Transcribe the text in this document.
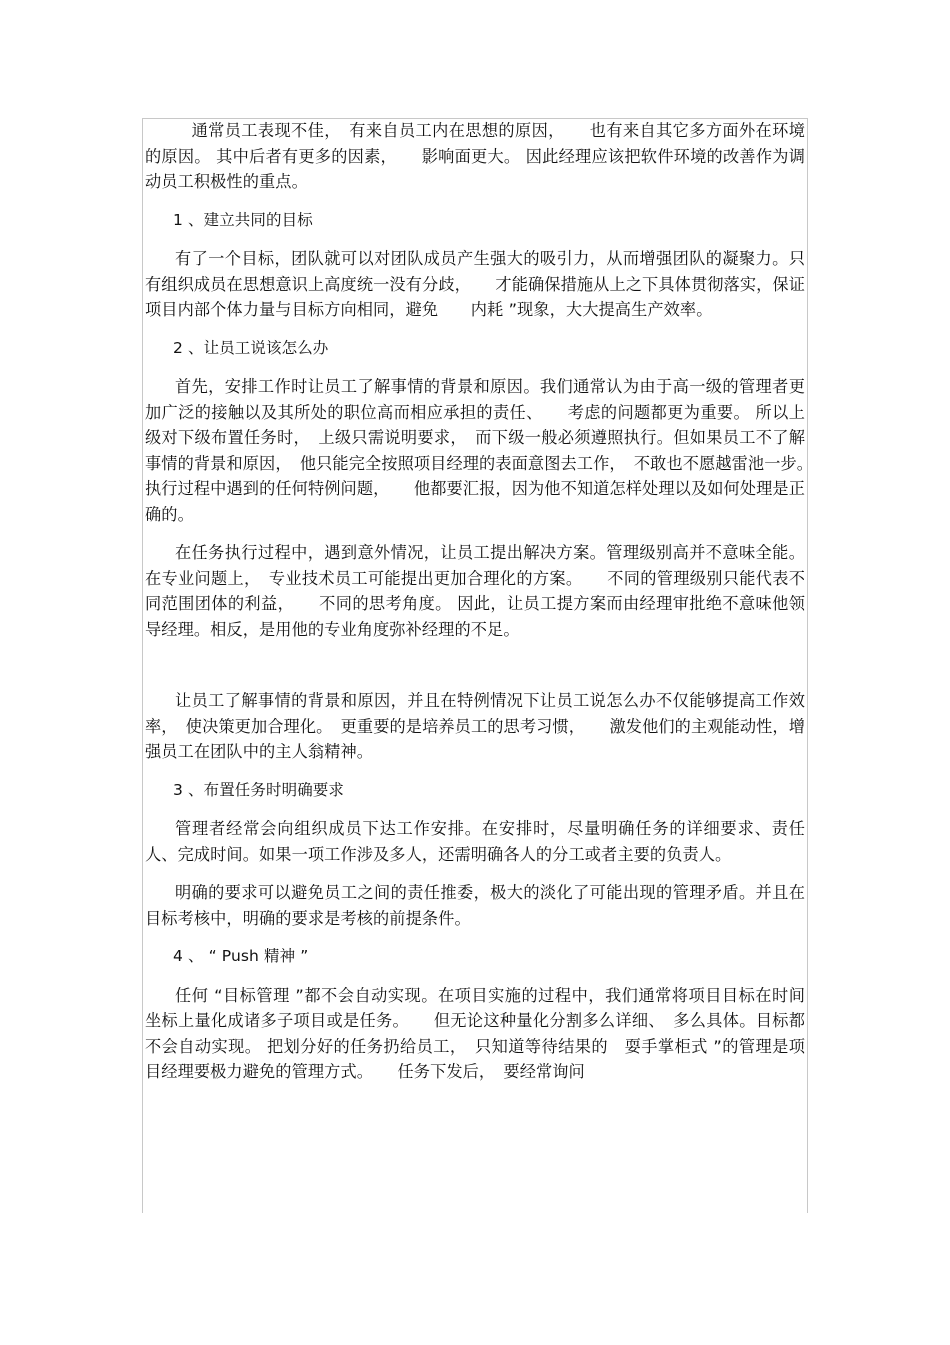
　通常员工表现不佳，　有来自员工内在思想的原因，　　也有来自其它多方面外在环境的原因。 其中后者有更多的因素，　　影响面更大。 因此经理应该把软件环境的改善作为调动员工积极性的重点。

1 、建立共同的目标

有了一个目标，团队就可以对团队成员产生强大的吸引力，从而增强团队的凝聚力。只有组织成员在思想意识上高度统一没有分歧，　　才能确保措施从上之下具体贯彻落实，保证项目内部个体力量与目标方向相同，避免　　内耗 ”现象，大大提高生产效率。

2 、让员工说该怎么办

首先，安排工作时让员工了解事情的背景和原因。我们通常认为由于高一级的管理者更加广泛的接触以及其所处的职位高而相应承担的责任、　　考虑的问题都更为重要。 所以上级对下级布置任务时，　上级只需说明要求，　而下级一般必须遵照执行。但如果员工不了解事情的背景和原因，　他只能完全按照项目经理的表面意图去工作，　不敢也不愿越雷池一步。　执行过程中遇到的任何特例问题，　　他都要汇报，因为他不知道怎样处理以及如何处理是正确的。

在任务执行过程中，遇到意外情况，让员工提出解决方案。管理级别高并不意味全能。 在专业问题上，　专业技术员工可能提出更加合理化的方案。　　不同的管理级别只能代表不同范围团体的利益，　　不同的思考角度。 因此，让员工提方案而由经理审批绝不意味他领导经理。相反，是用他的专业角度弥补经理的不足。

让员工了解事情的背景和原因，并且在特例情况下让员工说怎么办不仅能够提高工作效率，　使决策更加合理化。　更重要的是培养员工的思考习惯，　　激发他们的主观能动性，增强员工在团队中的主人翁精神。

3 、布置任务时明确要求

管理者经常会向组织成员下达工作安排。在安排时，尽量明确任务的详细要求、责任人、完成时间。如果一项工作涉及多人，还需明确各人的分工或者主要的负责人。

明确的要求可以避免员工之间的责任推委，极大的淡化了可能出现的管理矛盾。并且在目标考核中，明确的要求是考核的前提条件。

4 、 “ Push 精神 ”

任何 “目标管理 ”都不会自动实现。在项目实施的过程中，我们通常将项目目标在时间坐标上量化成诸多子项目或是任务。　　但无论这种量化分割多么详细、　多么具体。目标都不会自动实现。 把划分好的任务扔给员工，　只知道等待结果的　耍手掌柜式 ”的管理是项目经理要极力避免的管理方式。　　任务下发后，　要经常询问
